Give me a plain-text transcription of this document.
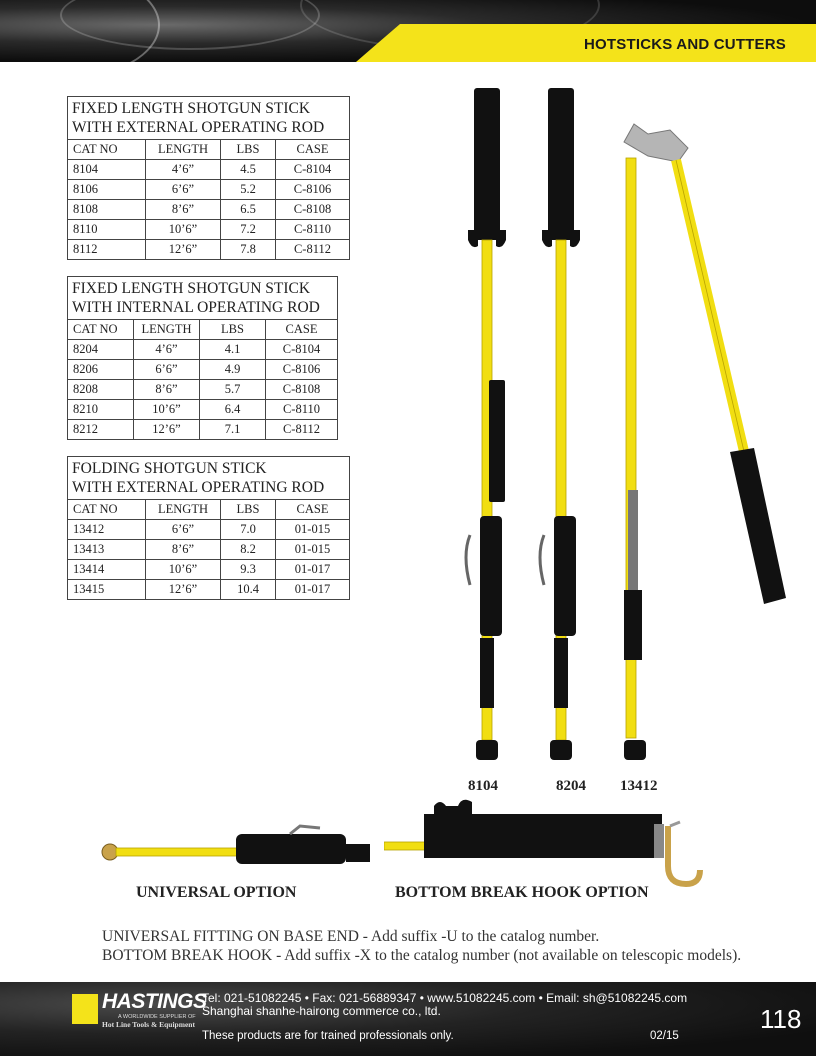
HOTSTICKS AND CUTTERS
FIXED LENGTH SHOTGUN STICK
WITH EXTERNAL OPERATING ROD			

CAT NO	LENGTH	LBS	CASE
8104	4’6”	4.5	C-8104
8106	6’6”	5.2	C-8106
8108	8’6”	6.5	C-8108
8110	10’6”	7.2	C-8110
8112	12’6”	7.8	C-8112
FIXED LENGTH SHOTGUN STICK
WITH INTERNAL OPERATING ROD			

CAT NO	LENGTH	LBS	CASE
8204	4’6”	4.1	C-8104
8206	6’6”	4.9	C-8106
8208	8’6”	5.7	C-8108
8210	10’6”	6.4	C-8110
8212	12’6”	7.1	C-8112
FOLDING SHOTGUN STICK
WITH EXTERNAL OPERATING ROD			

CAT NO	LENGTH	LBS	CASE
13412	6’6”	7.0	01-015
13413	8’6”	8.2	01-015
13414	10’6”	9.3	01-017
13415	12’6”	10.4	01-017
8104	8204 13412
UNIVERSAL OPTION	BOTTOM BREAK HOOK OPTION
UNIVERSAL FITTING ON BASE END - Add suffix -U to the catalog number.
BOTTOM BREAK HOOK - Add suffix -X to the catalog number (not available on telescopic models).
HASTINGS
A WORLDWIDE SUPPLIER OF
Hot Line Tools & Equipment
Tel: 021-51082245 • Fax: 021-56889347 • www.51082245.com • Email: sh@51082245.com
Shanghai shanhe-hairong commerce co., ltd.
These products are for trained professionals only.	02/15
118
